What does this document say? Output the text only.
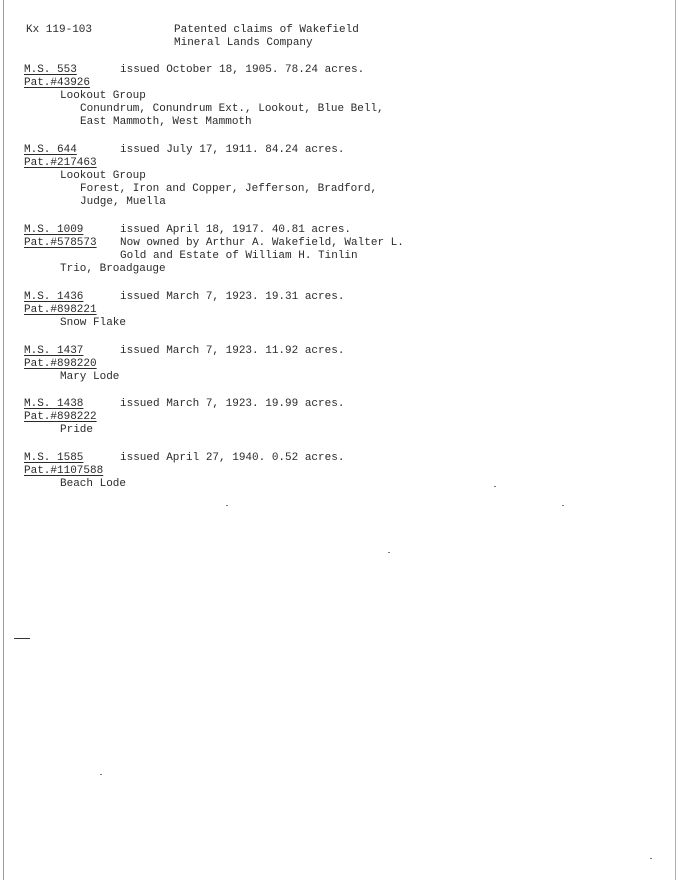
Kx 119-103	Patented claims of Wakefield
Mineral Lands Company
M.S. 553	issued October 18, 1905. 78.24 acres.
Pat.#43926
Lookout Group
Conundrum, Conundrum Ext., Lookout, Blue Bell,
East Mammoth, West Mammoth
M.S. 644	issued July 17, 1911. 84.24 acres.
Pat.#217463
Lookout Group
Forest, Iron and Copper, Jefferson, Bradford,
Judge, Muella
M.S. 1009	issued April 18, 1917. 40.81 acres.
Pat.#578573 Now owned by Arthur A. Wakefield, Walter L.
Gold and Estate of William H. Tinlin
Trio, Broadgauge
M.S. 1436	issued March 7, 1923. 19.31 acres.
Pat.#898221
Snow Flake
M.S. 1437	issued March 7, 1923. 11.92 acres.
Pat.#898220
Mary Lode
M.S. 1438	issued March 7, 1923. 19.99 acres.
Pat.#898222
Pride
M.S. 1585	issued April 27, 1940. 0.52 acres.
Pat.#1107588
Beach Lode
